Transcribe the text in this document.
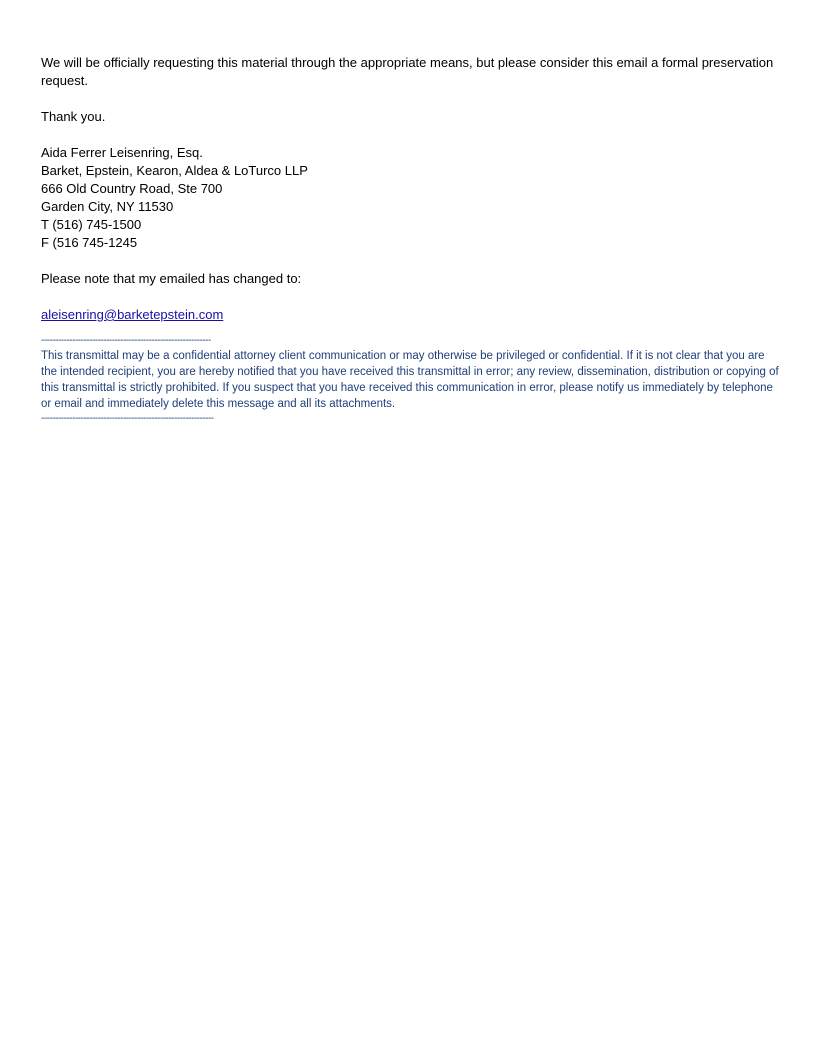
We will be officially requesting this material through the appropriate means, but please consider this email a formal preservation request.

Thank you.

Aida Ferrer Leisenring, Esq.
Barket, Epstein, Kearon, Aldea & LoTurco LLP
666 Old Country Road, Ste 700
Garden City, NY 11530
T (516) 745-1500
F (516 745-1245

Please note that my emailed has changed to:

aleisenring@barketepstein.com
------------------------------------------------------------
This transmittal may be a confidential attorney client communication or may otherwise be privileged or confidential. If it is not clear that you are the intended recipient, you are hereby notified that you have received this transmittal in error; any review, dissemination, distribution or copying of this transmittal is strictly prohibited. If you suspect that you have received this communication in error, please notify us immediately by telephone or email and immediately delete this message and all its attachments.
-------------------------------------------------------------
